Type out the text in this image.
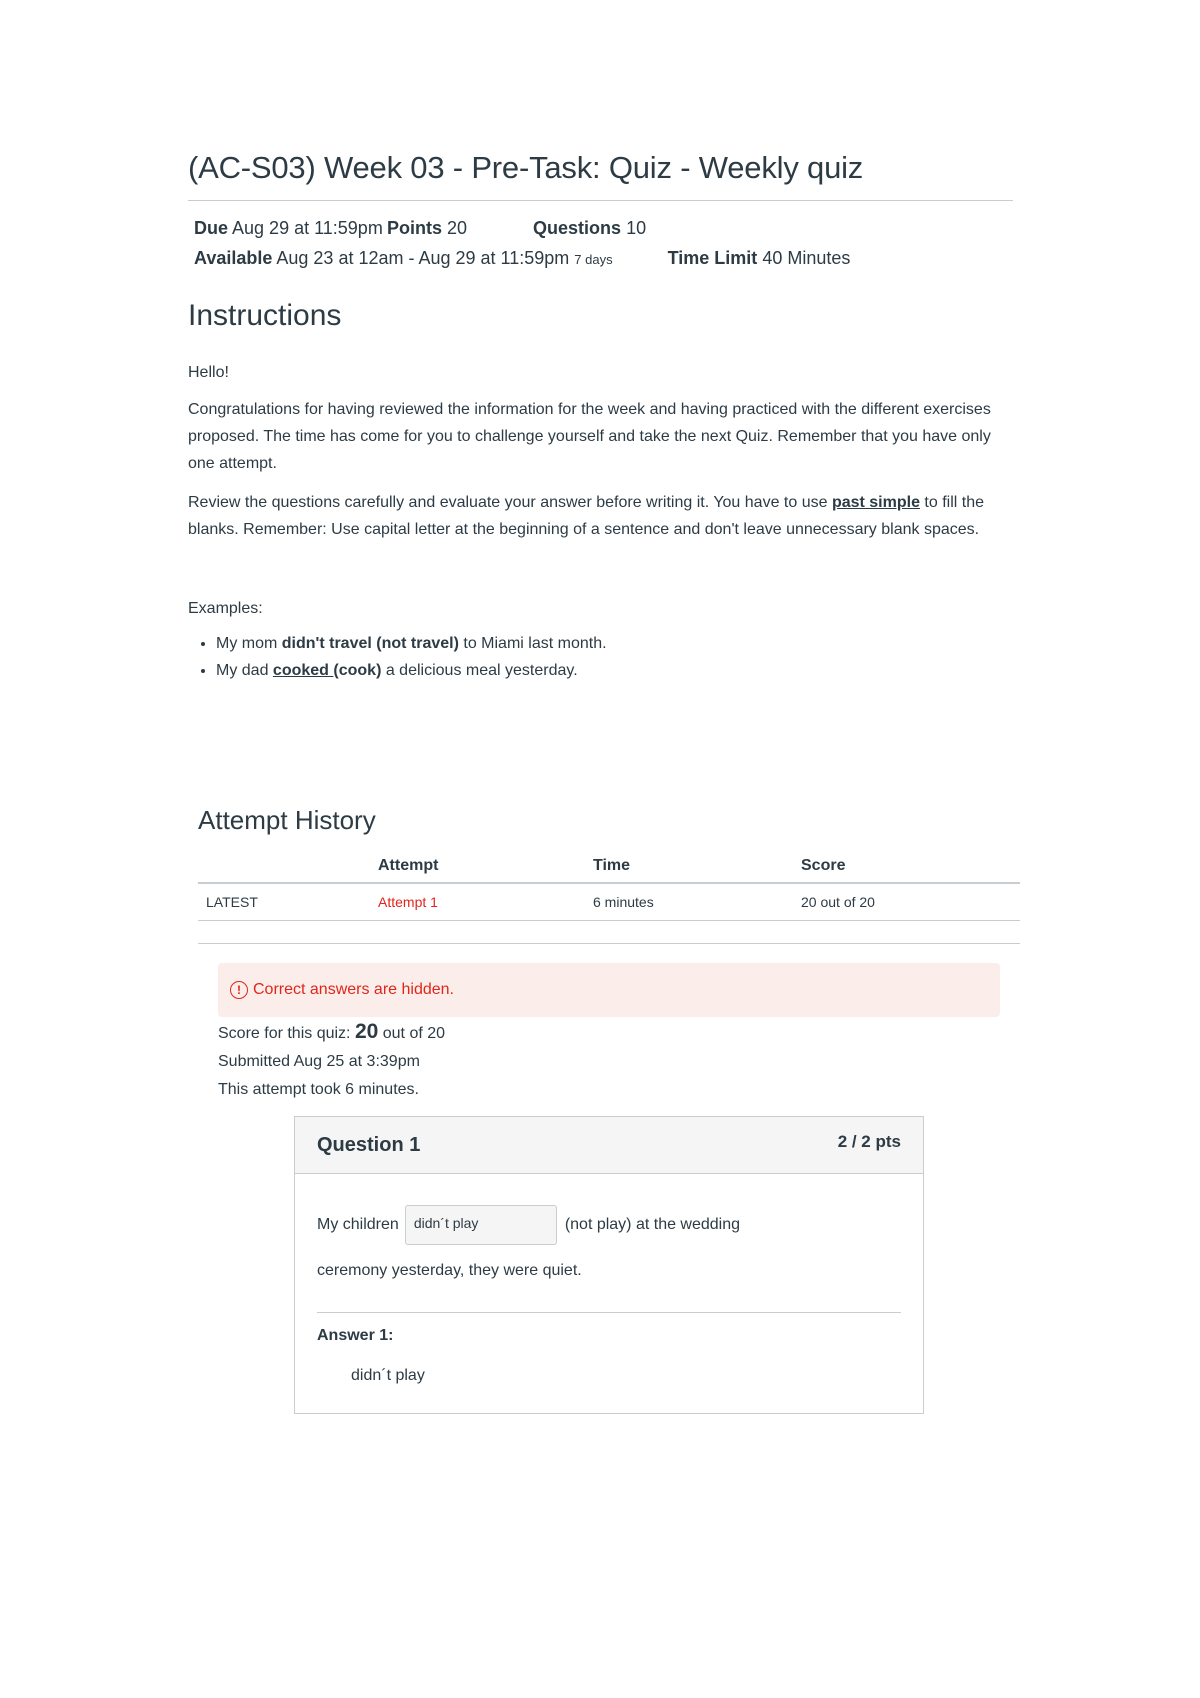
(AC-S03) Week 03 - Pre-Task: Quiz - Weekly quiz
Due Aug 29 at 11:59pm Points 20	Questions 10
Available Aug 23 at 12am - Aug 29 at 11:59pm 7 days	Time Limit 40 Minutes
Instructions

Hello!

Congratulations for having reviewed the information for the week and having practiced with the different exercises proposed. The time has come for you to challenge yourself and take the next Quiz. Remember that you have only one attempt.

Review the questions carefully and evaluate your answer before writing it. You have to use past simple to fill the blanks. Remember: Use capital letter at the beginning of a sentence and don't leave unnecessary blank spaces.

Examples:

• My mom didn't travel (not travel) to Miami last month.
• My dad cooked (cook) a delicious meal yesterday.
Attempt History
	Attempt	Time	Score
LATEST	Attempt 1	6 minutes	20 out of 20
! Correct answers are hidden.
Score for this quiz: 20 out of 20
Submitted Aug 25 at 3:39pm
This attempt took 6 minutes.
Question 1	2 / 2 pts
My children	didn´t play	(not play) at the wedding
ceremony yesterday, they were quiet.
Answer 1:
didn´t play
